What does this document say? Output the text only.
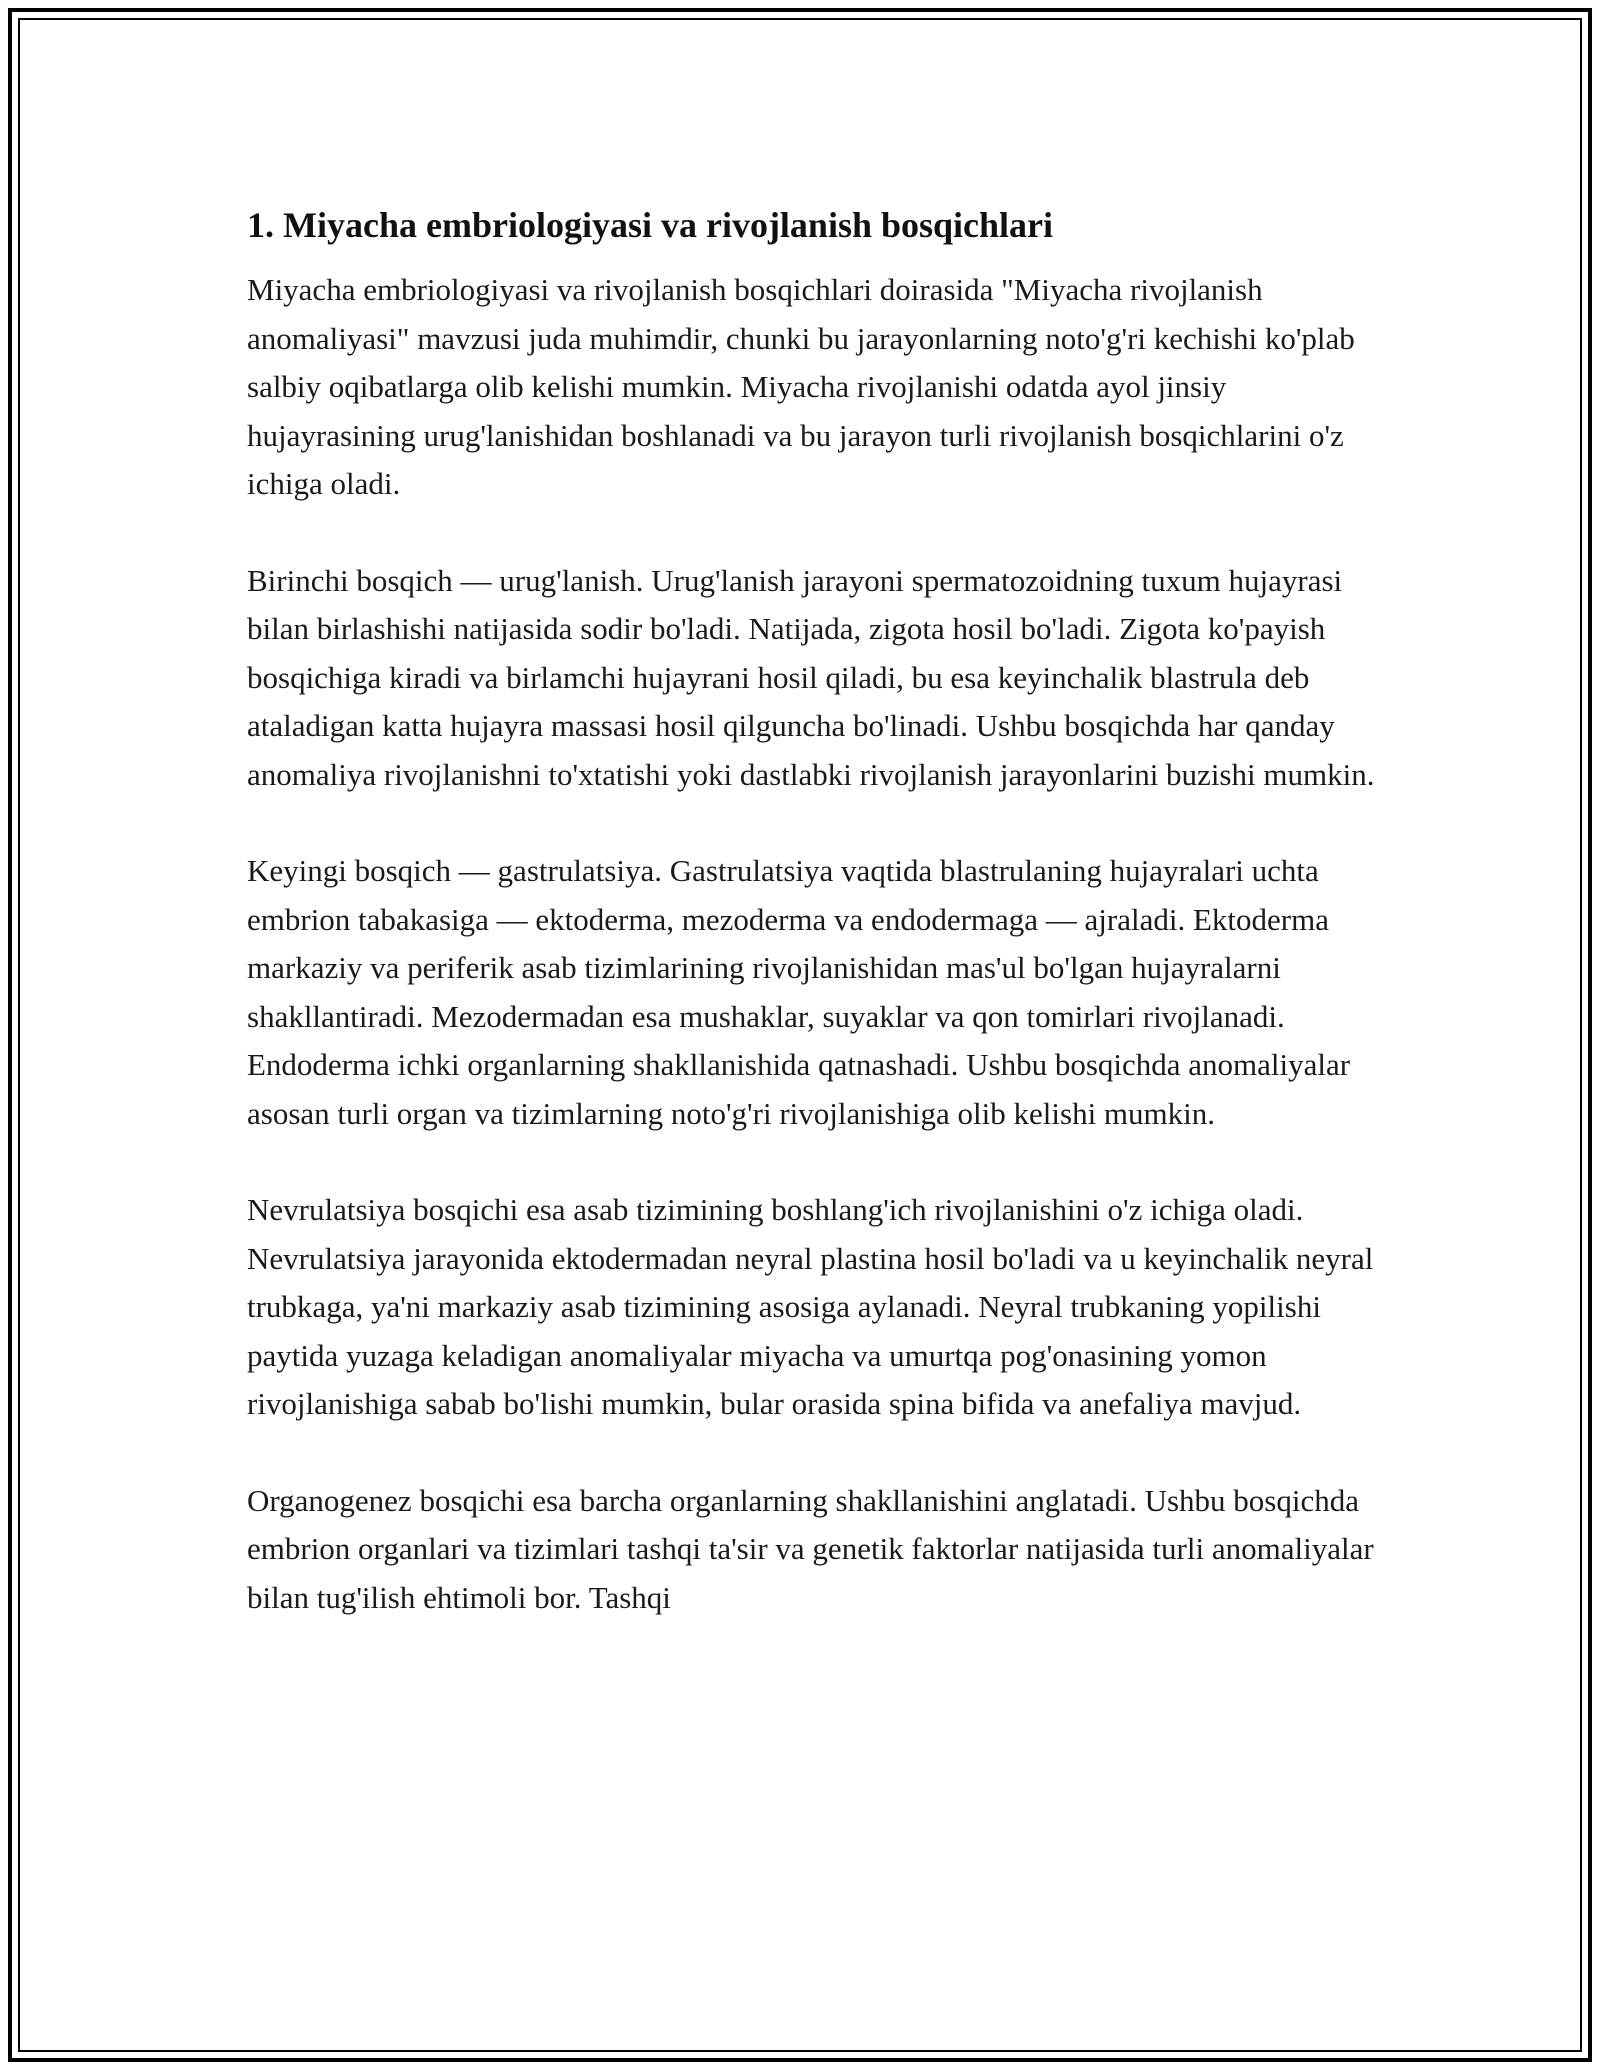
1. Miyacha embriologiyasi va rivojlanish bosqichlari

Miyacha embriologiyasi va rivojlanish bosqichlari doirasida "Miyacha rivojlanish anomaliyasi" mavzusi juda muhimdir, chunki bu jarayonlarning noto'g'ri kechishi ko'plab salbiy oqibatlarga olib kelishi mumkin. Miyacha rivojlanishi odatda ayol jinsiy hujayrasining urug'lanishidan boshlanadi va bu jarayon turli rivojlanish bosqichlarini o'z ichiga oladi.

Birinchi bosqich — urug'lanish. Urug'lanish jarayoni spermatozoidning tuxum hujayrasi bilan birlashishi natijasida sodir bo'ladi. Natijada, zigota hosil bo'ladi. Zigota ko'payish bosqichiga kiradi va birlamchi hujayrani hosil qiladi, bu esa keyinchalik blastrula deb ataladigan katta hujayra massasi hosil qilguncha bo'linadi. Ushbu bosqichda har qanday anomaliya rivojlanishni to'xtatishi yoki dastlabki rivojlanish jarayonlarini buzishi mumkin.

Keyingi bosqich — gastrulatsiya. Gastrulatsiya vaqtida blastrulaning hujayralari uchta embrion tabakasiga — ektoderma, mezoderma va endodermaga — ajraladi. Ektoderma markaziy va periferik asab tizimlarining rivojlanishidan mas'ul bo'lgan hujayralarni shakllantiradi. Mezodermadan esa mushaklar, suyaklar va qon tomirlari rivojlanadi. Endoderma ichki organlarning shakllanishida qatnashadi. Ushbu bosqichda anomaliyalar asosan turli organ va tizimlarning noto'g'ri rivojlanishiga olib kelishi mumkin.

Nevrulatsiya bosqichi esa asab tizimining boshlang'ich rivojlanishini o'z ichiga oladi. Nevrulatsiya jarayonida ektodermadan neyral plastina hosil bo'ladi va u keyinchalik neyral trubkaga, ya'ni markaziy asab tizimining asosiga aylanadi. Neyral trubkaning yopilishi paytida yuzaga keladigan anomaliyalar miyacha va umurtqa pog'onasining yomon rivojlanishiga sabab bo'lishi mumkin, bular orasida spina bifida va anefaliya mavjud.

Organogenez bosqichi esa barcha organlarning shakllanishini anglatadi. Ushbu bosqichda embrion organlari va tizimlari tashqi ta'sir va genetik faktorlar natijasida turli anomaliyalar bilan tug'ilish ehtimoli bor. Tashqi
